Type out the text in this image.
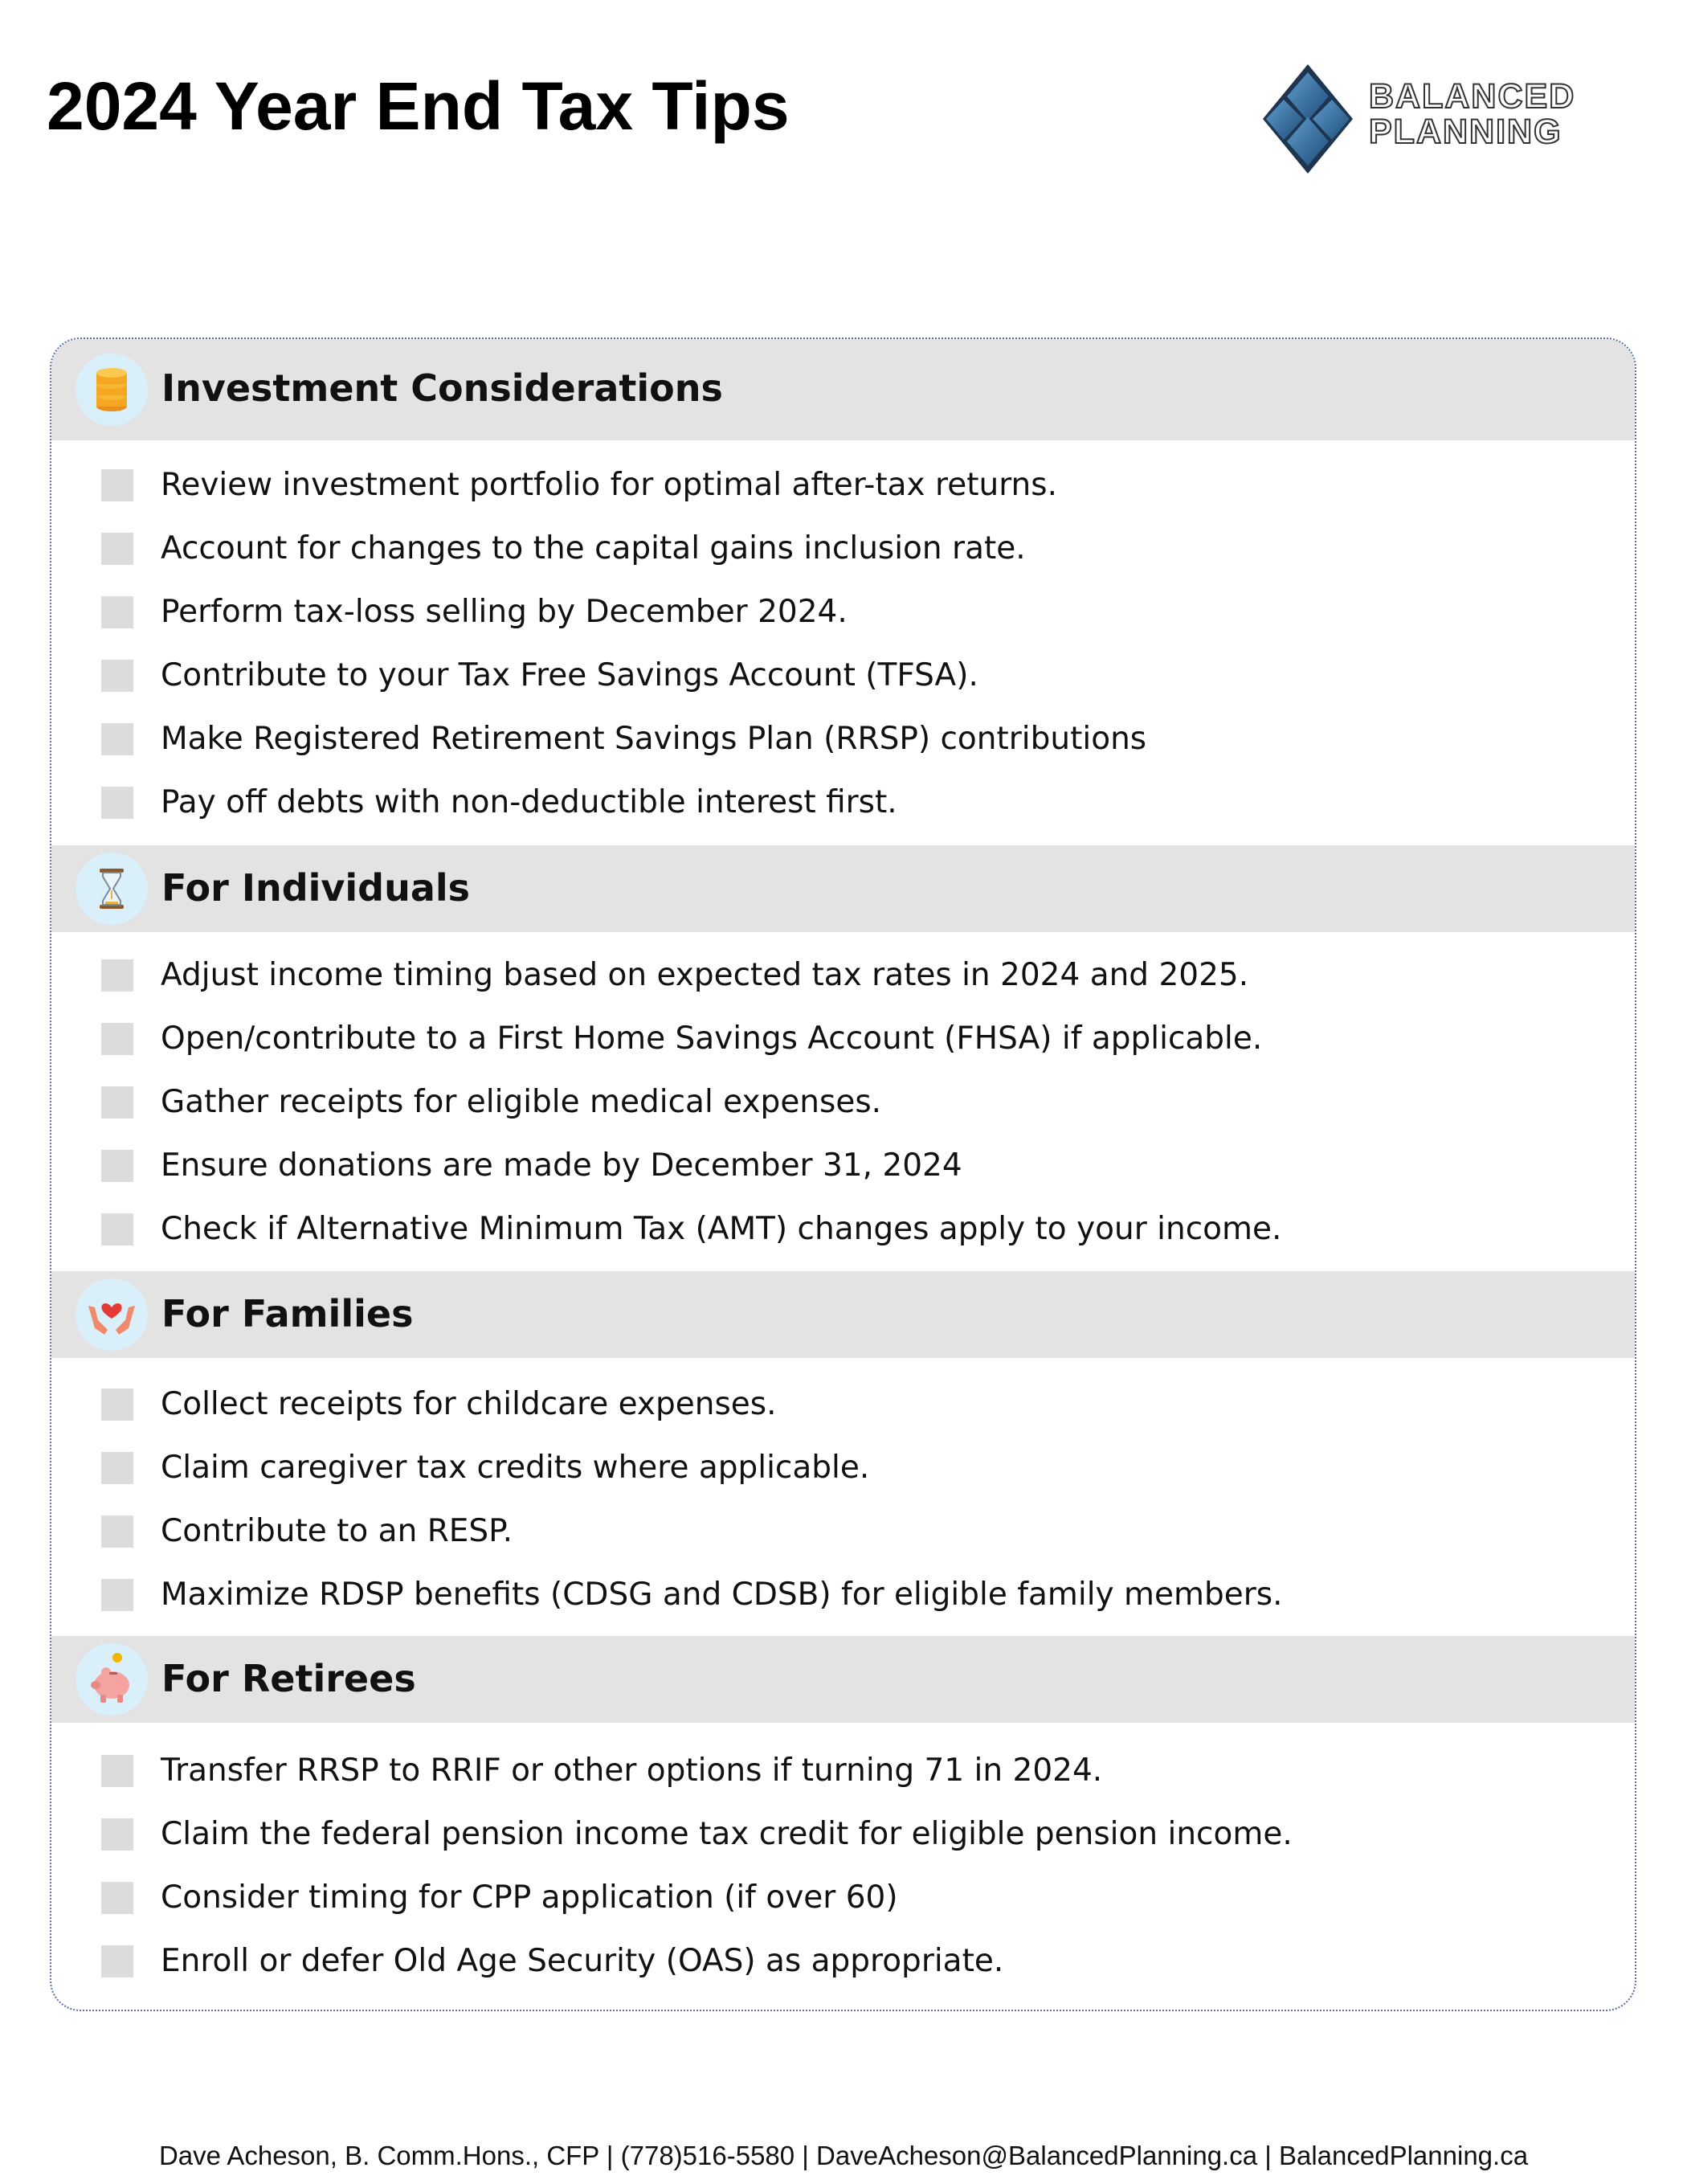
2024 Year End Tax Tips	BALANCED
PLANNING
Investment Considerations
Review investment portfolio for optimal after-tax returns.
Account for changes to the capital gains inclusion rate.
Perform tax-loss selling by December 2024.
Contribute to your Tax Free Savings Account (TFSA).
Make Registered Retirement Savings Plan (RRSP) contributions
Pay off debts with non-deductible interest first.
For Individuals
Adjust income timing based on expected tax rates in 2024 and 2025.
Open/contribute to a First Home Savings Account (FHSA) if applicable.
Gather receipts for eligible medical expenses.
Ensure donations are made by December 31, 2024
Check if Alternative Minimum Tax (AMT) changes apply to your income.
For Families
Collect receipts for childcare expenses.
Claim caregiver tax credits where applicable.
Contribute to an RESP.
Maximize RDSP benefits (CDSG and CDSB) for eligible family members.
For Retirees
Transfer RRSP to RRIF or other options if turning 71 in 2024.
Claim the federal pension income tax credit for eligible pension income.
Consider timing for CPP application (if over 60)
Enroll or defer Old Age Security (OAS) as appropriate.
Dave Acheson, B. Comm.Hons., CFP | (778)516-5580 | DaveAcheson@BalancedPlanning.ca | BalancedPlanning.ca
